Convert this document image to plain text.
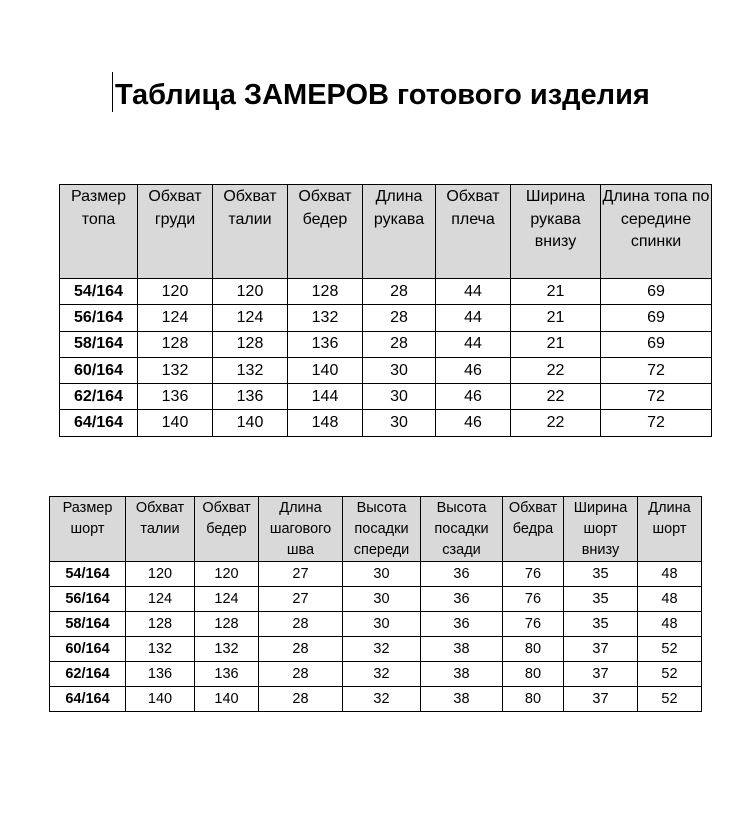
Таблица ЗАМЕРОВ готового изделия
Размер топа	Обхват груди	Обхват талии	Обхват бедер	Длина рукава	Обхват плеча	Ширина рукава внизу	Длина топа по середине спинки
54/164	120	120	128	28	44	21	69
56/164	124	124	132	28	44	21	69
58/164	128	128	136	28	44	21	69
60/164	132	132	140	30	46	22	72
62/164	136	136	144	30	46	22	72
64/164	140	140	148	30	46	22	72
Размер шорт	Обхват талии	Обхват бедер	Длина шагового шва	Высота посадки спереди	Высота посадки сзади	Обхват бедра	Ширина шорт внизу	Длина шорт
54/164	120	120	27	30	36	76	35	48
56/164	124	124	27	30	36	76	35	48
58/164	128	128	28	30	36	76	35	48
60/164	132	132	28	32	38	80	37	52
62/164	136	136	28	32	38	80	37	52
64/164	140	140	28	32	38	80	37	52
